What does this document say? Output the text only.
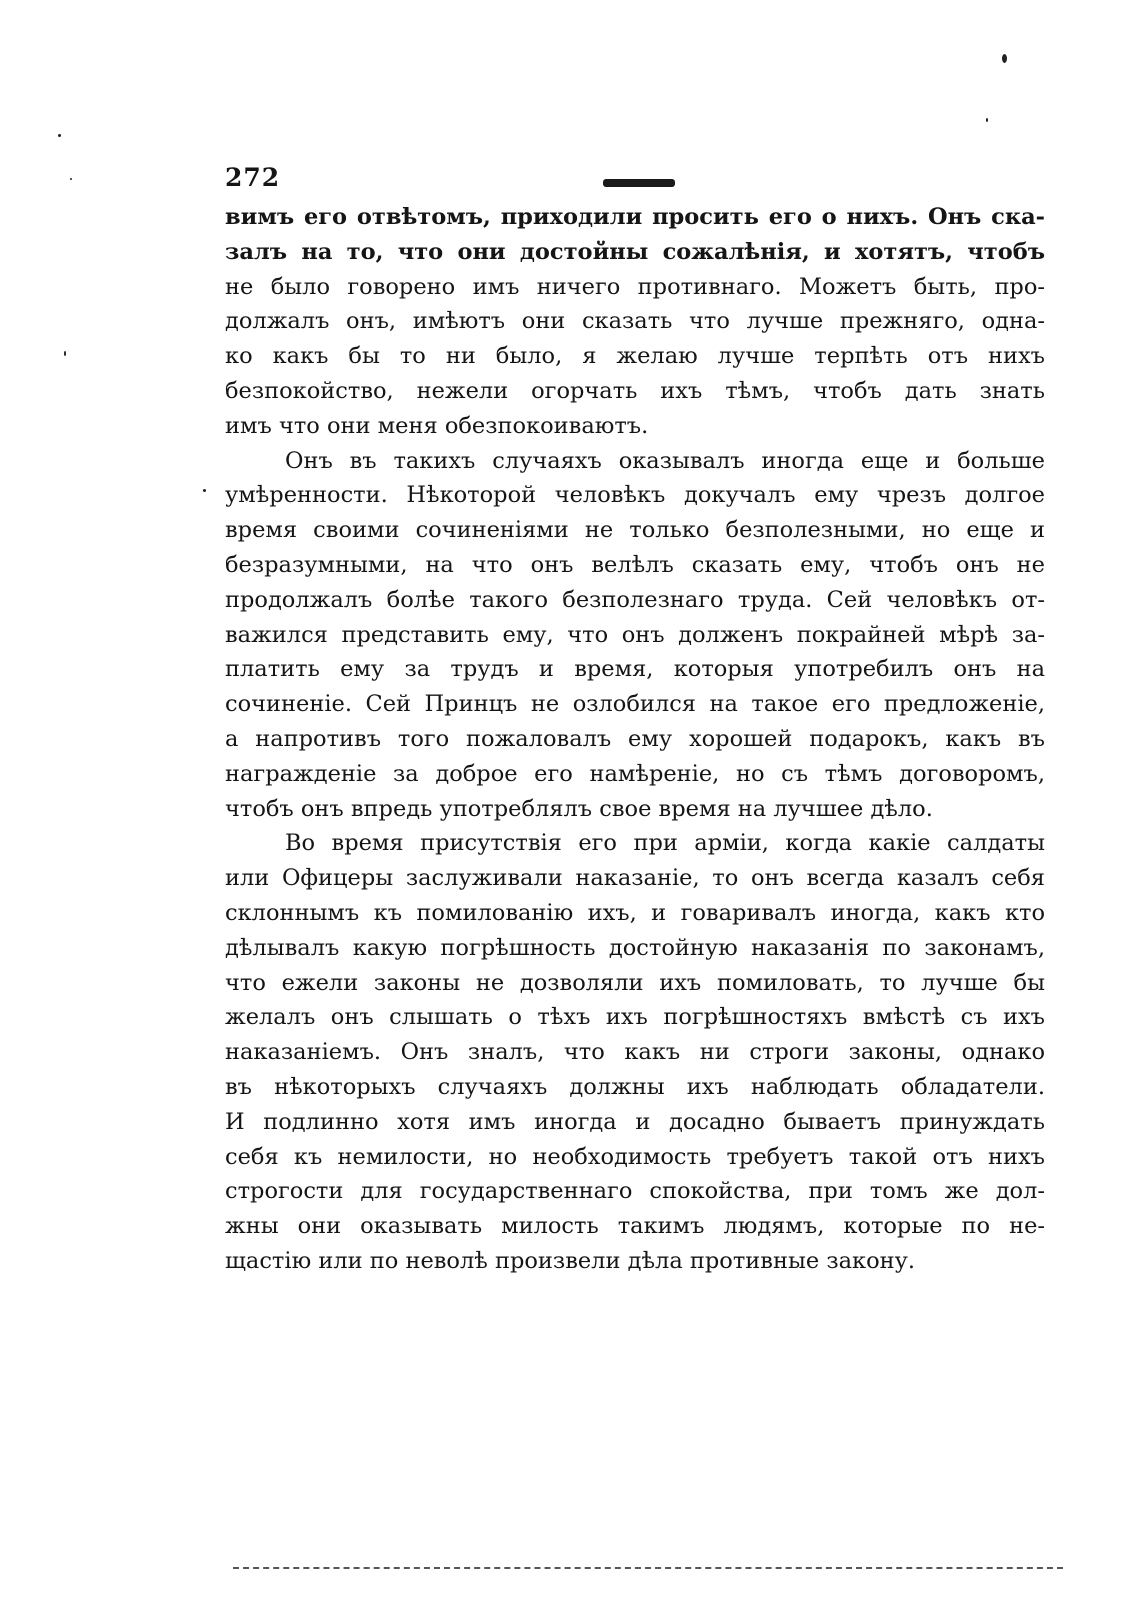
272
вимъ его отвѣтомъ, приходили просить его о нихъ. Онъ ска-
залъ на то, что они достойны сожалѣнія, и хотятъ, чтобъ
не было говорено имъ ничего противнаго. Можетъ быть, про-
должалъ онъ, имѣютъ они сказать что лучше прежняго, одна-
ко какъ бы то ни было, я желаю лучше терпѣть отъ нихъ
безпокойство, нежели огорчать ихъ тѣмъ, чтобъ дать знать
имъ что они меня обезпокоиваютъ.
Онъ въ такихъ случаяхъ оказывалъ иногда еще и больше
умѣренности. Нѣкоторой человѣкъ докучалъ ему чрезъ долгое
время своими сочиненіями не только безполезными, но еще и
безразумными, на что онъ велѣлъ сказать ему, чтобъ онъ не
продолжалъ болѣе такого безполезнаго труда. Сей человѣкъ от-
важился представить ему, что онъ долженъ покрайней мѣрѣ за-
платить ему за трудъ и время, которыя употребилъ онъ на
сочиненіе. Сей Принцъ не озлобился на такое его предложеніе,
а напротивъ того пожаловалъ ему хорошей подарокъ, какъ въ
награжденіе за доброе его намѣреніе, но съ тѣмъ договоромъ,
чтобъ онъ впредь употреблялъ свое время на лучшее дѣло.
Во время присутствія его при арміи, когда какіе салдаты
или Офицеры заслуживали наказаніе, то онъ всегда казалъ себя
склоннымъ къ помилованію ихъ, и говаривалъ иногда, какъ кто
дѣлывалъ какую погрѣшность достойную наказанія по законамъ,
что ежели законы не дозволяли ихъ помиловать, то лучше бы
желалъ онъ слышать о тѣхъ ихъ погрѣшностяхъ вмѣстѣ съ ихъ
наказаніемъ. Онъ зналъ, что какъ ни строги законы, однако
въ нѣкоторыхъ случаяхъ должны ихъ наблюдать обладатели.
И подлинно хотя имъ иногда и досадно бываетъ принуждать
себя къ немилости, но необходимость требуетъ такой отъ нихъ
строгости для государственнаго спокойства, при томъ же дол-
жны они оказывать милость такимъ людямъ, которые по не-
щастію или по неволѣ произвели дѣла противные закону.
